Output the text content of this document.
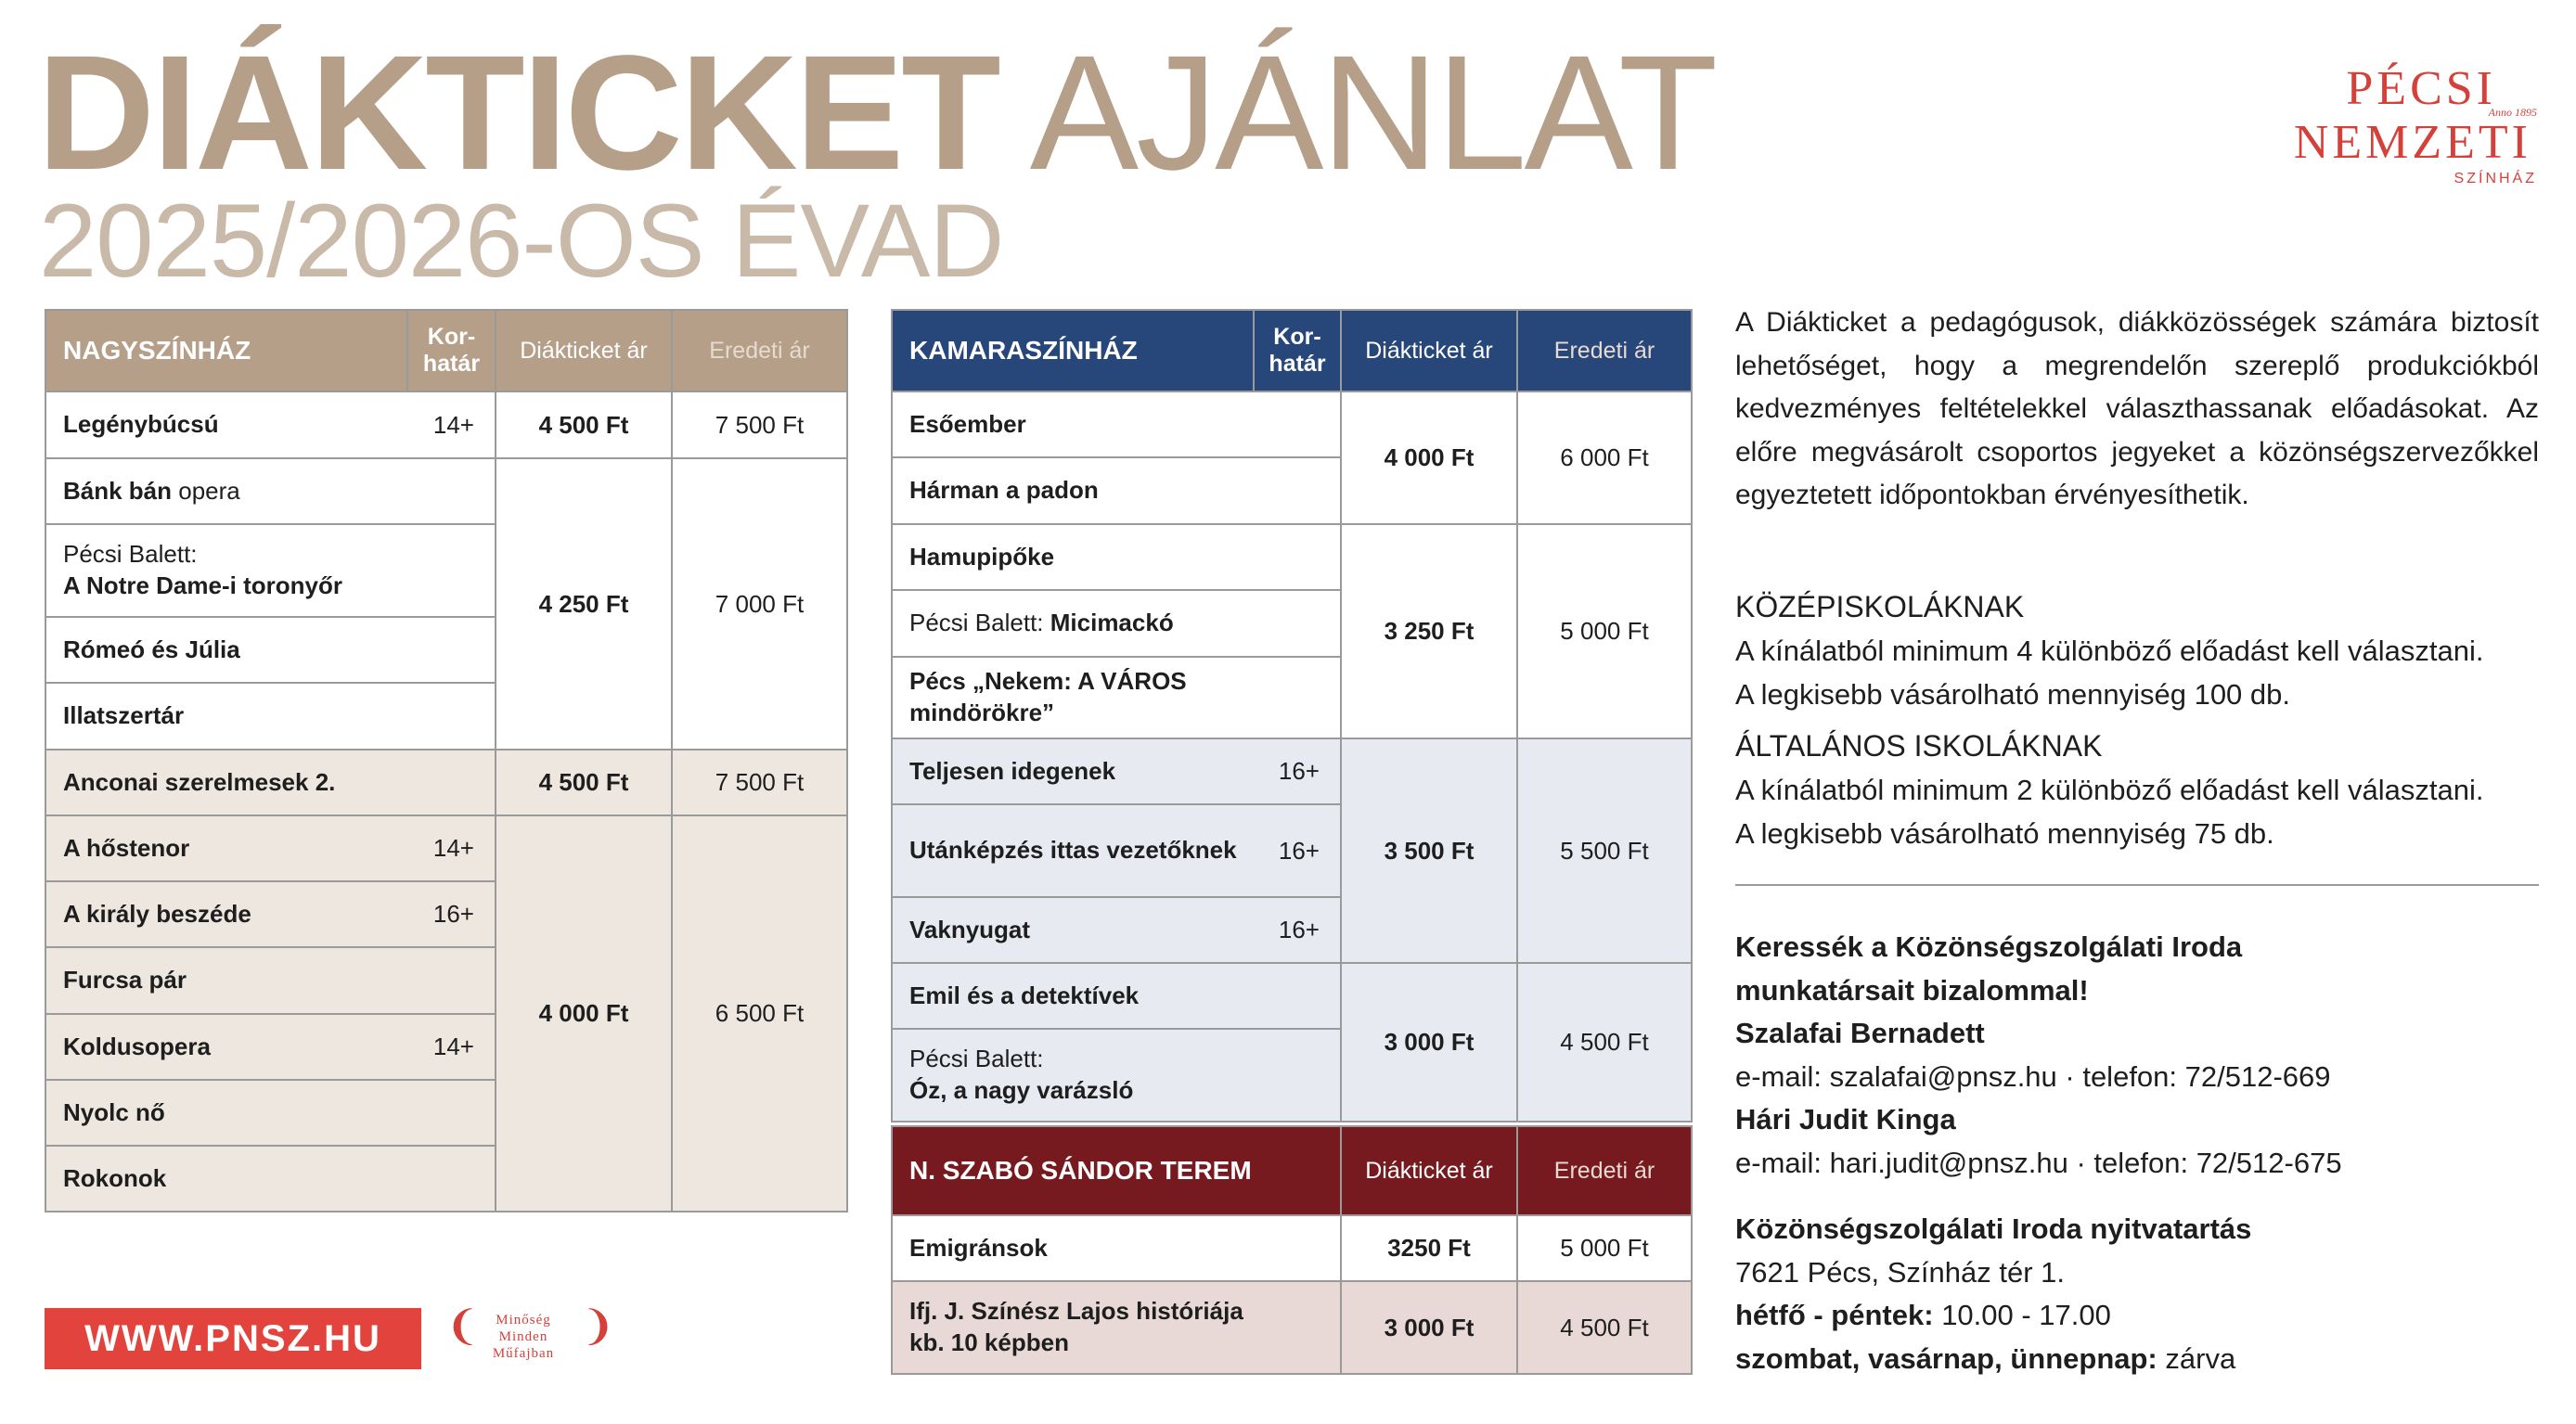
DIÁKTICKET AJÁNLAT
2025/2026-OS ÉVAD
PÉCSI
Anno 1895
NEMZETI
SZÍNHÁZ
NAGYSZÍNHÁZ	Kor-határ	Diákticket ár	Eredeti ár
Legénybúcsú	14+	4 500 Ft	7 500 Ft
Bánk bán opera		4 250 Ft	7 000 Ft

Pécsi Balett:
A Notre Dame-i toronyőr			
Rómeó és Júlia			
Illatszertár			
Anconai szerelmesek 2.		4 500 Ft	7 500 Ft
A hőstenor	14+	4 000 Ft	6 500 Ft
A király beszéde	16+		
Furcsa pár			
Koldusopera	14+		
Nyolc nő			
Rokonok			
KAMARASZÍNHÁZ	Kor-határ	Diákticket ár	Eredeti ár
Esőember		4 000 Ft	6 000 Ft
Hárman a padon			
Hamupipőke		3 250 Ft	5 000 Ft
Pécsi Balett: Micimackó			
Pécs „Nekem: A VÁROS mindörökre”			
Teljesen idegenek	16+	3 500 Ft	5 500 Ft
Utánképzés ittas vezetőknek	16+		
Vaknyugat	16+		
Emil és a detektívek		3 000 Ft	4 500 Ft

Pécsi Balett:
Óz, a nagy varázsló			
N. SZABÓ SÁNDOR TEREM	Diákticket ár	Eredeti ár
Emigránsok	3250 Ft	5 000 Ft
Ifj. J. Színész Lajos históriája kb. 10 képben	3 000 Ft	4 500 Ft
A Diákticket a pedagógusok, diákközösségek számára biztosít lehetőséget, hogy a megrendelőn szereplő produkciókból kedvezményes feltételekkel választhassanak előadásokat. Az előre megvásárolt csoportos jegyeket a közönségszervezőkkel egyeztetett időpontokban érvényesíthetik.
KÖZÉPISKOLÁKNAK
A kínálatból minimum 4 különböző előadást kell választani.
A legkisebb vásárolható mennyiség 100 db.
ÁLTALÁNOS ISKOLÁKNAK
A kínálatból minimum 2 különböző előadást kell választani.
A legkisebb vásárolható mennyiség 75 db.
Keressék a Közönségszolgálati Iroda
munkatársait bizalommal!
Szalafai Bernadett
e-mail: szalafai@pnsz.hu · telefon: 72/512-669
Hári Judit Kinga
e-mail: hari.judit@pnsz.hu · telefon: 72/512-675
Közönségszolgálati Iroda nyitvatartás
7621 Pécs, Színház tér 1.
hétfő - péntek: 10.00 - 17.00
szombat, vasárnap, ünnepnap: zárva
WWW.PNSZ.HU	❨	Minőség
Minden
Műfajban
❩
